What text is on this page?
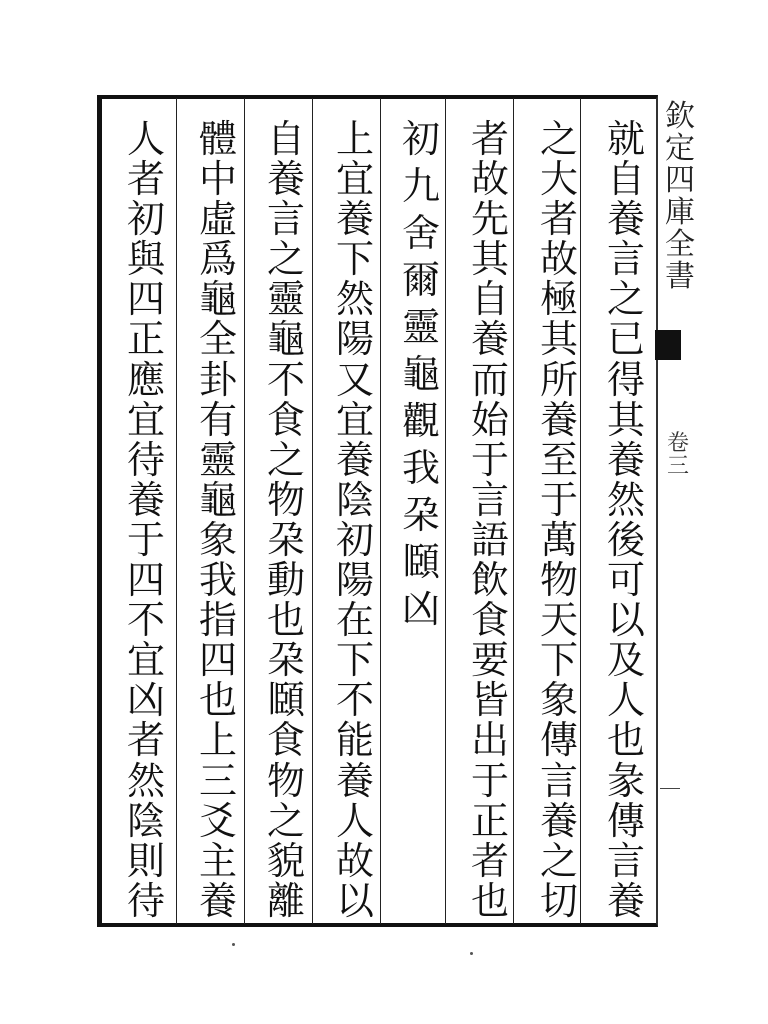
就
自
養
言
之
已
得
其
養
然
後
可
以
及
人
也
彖
傳
言
養
之
大
者
故
極
其
所
養
至
于
萬
物
天
下
象
傳
言
養
之
切
者
故
先
其
自
養
而
始
于
言
語
飲
食
要
皆
出
于
正
者
也
初
九
舍
爾
靈
龜
觀
我
朶
頥
凶
上
宜
養
下
然
陽
又
宜
養
陰
初
陽
在
下
不
能
養
人
故
以
自
養
言
之
靈
龜
不
食
之
物
朶
動
也
朶
頥
食
物
之
貌
離
體
中
虛
爲
龜
全
卦
有
靈
龜
象
我
指
四
也
上
三
爻
主
養
人
者
初
與
四
正
應
宜
待
養
于
四
不
宜
凶
者
然
陰
則
待
欽
定
四
庫
全
書
卷
三
